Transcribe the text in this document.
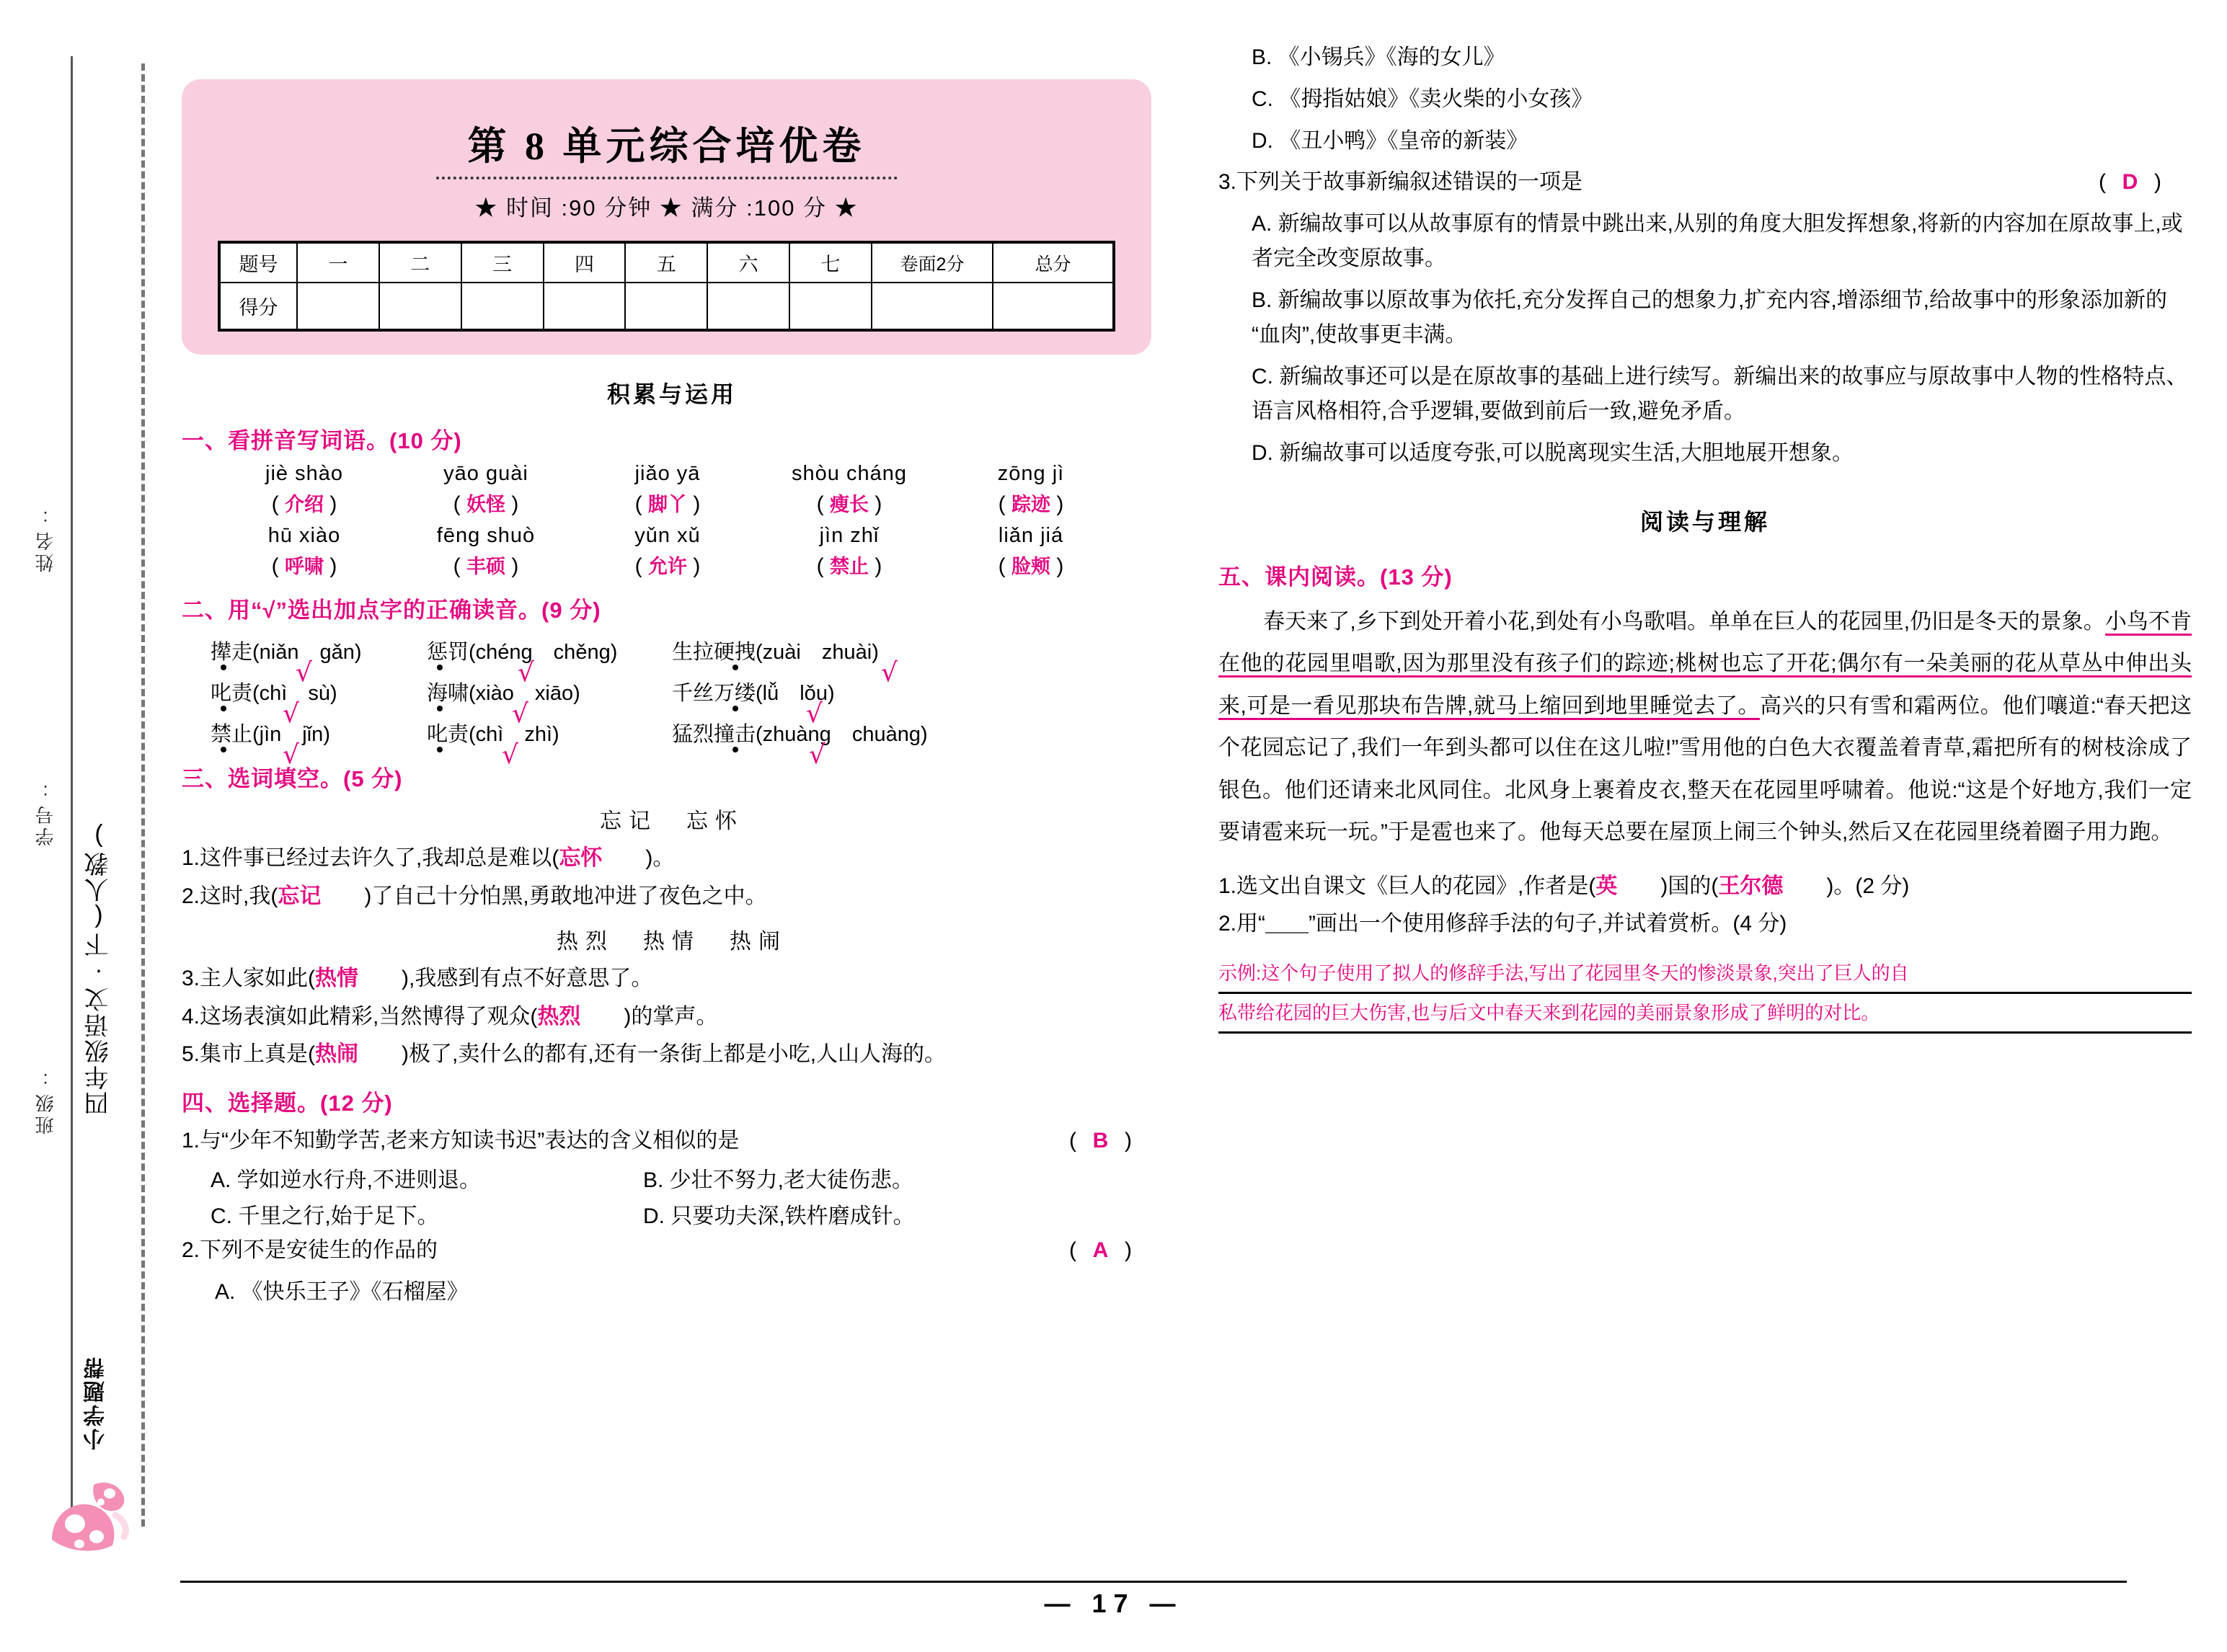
姓名:
学号:
班级: 四年级语文·下(人教)
小学题帮
第 8 单元综合培优卷
★ 时间 :90 分钟 ★ 满分 :100 分 ★
题号	一	二	三	四	五	六	七	卷面2分	总分
得分									
积累与运用
一、看拼音写词语。(10 分)
jiè shào
( 介绍 )
yāo guài
( 妖怪 )
jiǎo yā
( 脚丫 )
shòu cháng
( 瘦长 )
zōng jì
( 踪迹 )
hū xiào
( 呼啸 )
fēng shuò
( 丰硕 )
yǔn xǔ
( 允许 )
jìn zhǐ
( 禁止 )
liǎn jiá
( 脸颊 )
二、用“√”选出加点字的正确读音。(9 分)
撵走(niǎn　gǎn)
√
惩罚(chéng　chěng)
√
生拉硬拽(zuài　zhuài)
√
叱责(chì　sù)
√
海啸(xiào　xiāo)
√
千丝万缕(lǚ　lǒu)
√
禁止(jìn　jǐn)
√
叱责(chì　zhì)
√
猛烈撞击(zhuàng　chuàng)
√
三、选词填空。(5 分)
忘记　忘怀
1.这件事已经过去许久了,我却总是难以(忘怀 )。
2.这时,我(忘记 )了自己十分怕黑,勇敢地冲进了夜色之中。
热烈　热情　热闹
3.主人家如此(热情 ),我感到有点不好意思了。
4.这场表演如此精彩,当然博得了观众(热烈 )的掌声。
5.集市上真是(热闹 )极了,卖什么的都有,还有一条街上都是小吃,人山人海的。
四、选择题。(12 分)
1.与“少年不知勤学苦,老来方知读书迟”表达的含义相似的是	(  B  )
A. 学如逆水行舟,不进则退。	B. 少壮不努力,老大徒伤悲。
C. 千里之行,始于足下。	D. 只要功夫深,铁杵磨成针。
2.下列不是安徒生的作品的	(  A  )
A. 《快乐王子》《石榴屋》
B. 《小锡兵》《海的女儿》
C. 《拇指姑娘》《卖火柴的小女孩》
D. 《丑小鸭》《皇帝的新装》
3.下列关于故事新编叙述错误的一项是	(  D  )
A. 新编故事可以从故事原有的情景中跳出来,从别的角度大胆发挥想象,将新的内容加在原故事上,或者完全改变原故事。
B. 新编故事以原故事为依托,充分发挥自己的想象力,扩充内容,增添细节,给故事中的形象添加新的“血肉”,使故事更丰满。
C. 新编故事还可以是在原故事的基础上进行续写。新编出来的故事应与原故事中人物的性格特点、语言风格相符,合乎逻辑,要做到前后一致,避免矛盾。
D. 新编故事可以适度夸张,可以脱离现实生活,大胆地展开想象。
阅读与理解
五、课内阅读。(13 分)
春天来了,乡下到处开着小花,到处有小鸟歌唱。单单在巨人的花园里,仍旧是冬天的景象。小鸟不肯在他的花园里唱歌,因为那里没有孩子们的踪迹;桃树也忘了开花;偶尔有一朵美丽的花从草丛中伸出头来,可是一看见那块布告牌,就马上缩回到地里睡觉去了。高兴的只有雪和霜两位。他们嚷道:“春天把这个花园忘记了,我们一年到头都可以住在这儿啦!”雪用他的白色大衣覆盖着青草,霜把所有的树枝涂成了银色。他们还请来北风同住。北风身上裹着皮衣,整天在花园里呼啸着。他说:“这是个好地方,我们一定要请雹来玩一玩。”于是雹也来了。他每天总要在屋顶上闹三个钟头,然后又在花园里绕着圈子用力跑。
1.选文出自课文《巨人的花园》,作者是(英 )国的(王尔德 )。(2 分)
2.用“＿＿”画出一个使用修辞手法的句子,并试着赏析。(4 分)
示例:这个句子使用了拟人的修辞手法,写出了花园里冬天的惨淡景象,突出了巨人的自
私带给花园的巨大伤害,也与后文中春天来到花园的美丽景象形成了鲜明的对比。
— 17 —
